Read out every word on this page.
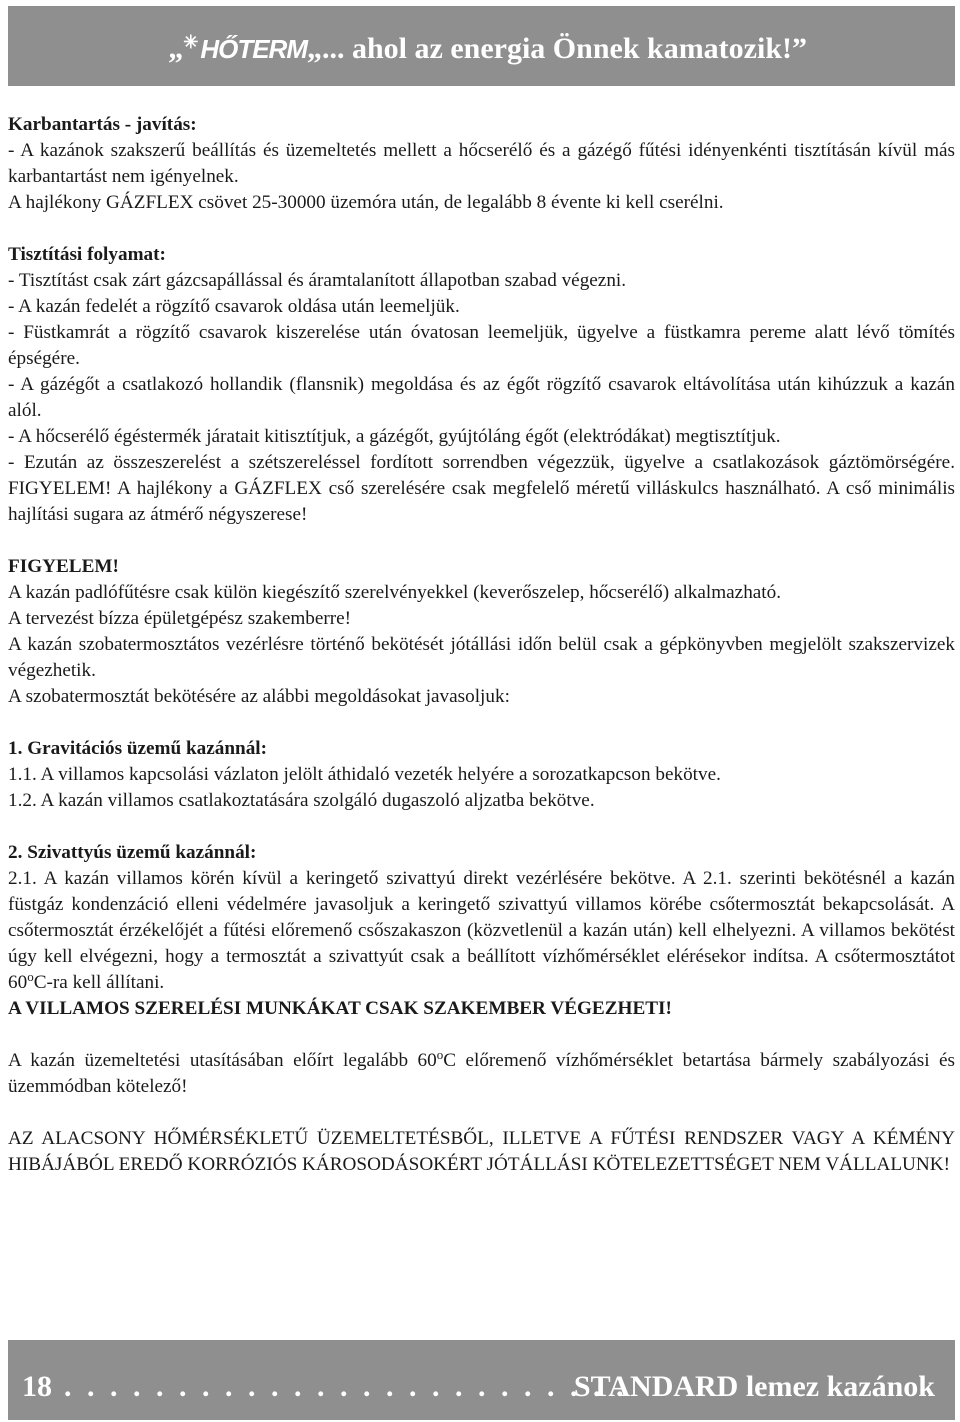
„✳HŐTERM„... ahol az energia Önnek kamatozik!”

Karbantartás - javítás:

- A kazánok szakszerű beállítás és üzemeltetés mellett a hőcserélő és a gázégő fűtési idényenkénti tisztításán kívül más karbantartást nem igényelnek.

A hajlékony GÁZFLEX csövet 25-30000 üzemóra után, de legalább 8 évente ki kell cserélni.

Tisztítási folyamat:

- Tisztítást csak zárt gázcsapállással és áramtalanított állapotban szabad végezni.

- A kazán fedelét a rögzítő csavarok oldása után leemeljük.

- Füstkamrát a rögzítő csavarok kiszerelése után óvatosan leemeljük, ügyelve a füstkamra pereme alatt lévő tömítés épségére.

- A gázégőt a csatlakozó hollandik (flansnik) megoldása és az égőt rögzítő csavarok eltávolítása után kihúzzuk a kazán alól.

- A hőcserélő égéstermék járatait kitisztítjuk, a gázégőt, gyújtóláng égőt (elektródákat) megtisztítjuk.

- Ezután az összeszerelést a szétszereléssel fordított sorrendben végezzük, ügyelve a csatlakozások gáztömörségére. FIGYELEM! A hajlékony a GÁZFLEX cső szerelésére csak megfelelő méretű villáskulcs használható. A cső minimális hajlítási sugara az átmérő négyszerese!

FIGYELEM!

A kazán padlófűtésre csak külön kiegészítő szerelvényekkel (keverőszelep, hőcserélő) alkalmazható.

A tervezést bízza épületgépész szakemberre!

A kazán szobatermosztátos vezérlésre történő bekötését jótállási időn belül csak a gépkönyvben megjelölt szakszervizek végezhetik.

A szobatermosztát bekötésére az alábbi megoldásokat javasoljuk:

1. Gravitációs üzemű kazánnál:

1.1. A villamos kapcsolási vázlaton jelölt áthidaló vezeték helyére a sorozatkapcson bekötve.

1.2. A kazán villamos csatlakoztatására szolgáló dugaszoló aljzatba bekötve.

2. Szivattyús üzemű kazánnál:

2.1. A kazán villamos körén kívül a keringető szivattyú direkt vezérlésére bekötve. A 2.1. szerinti bekötésnél a kazán füstgáz kondenzáció elleni védelmére javasoljuk a keringető szivattyú villamos körébe csőtermosztát bekapcsolását. A csőtermosztát érzékelőjét a fűtési előremenő csőszakaszon (közvetlenül a kazán után) kell elhelyezni. A villamos bekötést úgy kell elvégezni, hogy a termosztát a szivattyút csak a beállított vízhőmérséklet elérésekor indítsa. A csőtermosztátot 60$^o$C-ra kell állítani.

A VILLAMOS SZERELÉSI MUNKÁKAT CSAK SZAKEMBER VÉGEZHETI!

A kazán üzemeltetési utasításában előírt legalább 60$^o$C előremenő vízhőmérséklet betartása bármely szabályozási és üzemmódban kötelező!

AZ ALACSONY HŐMÉRSÉKLETŰ ÜZEMELTETÉSBŐL, ILLETVE A FŰTÉSI RENDSZER VAGY A KÉMÉNY HIBÁJÁBÓL EREDŐ KORRÓZIÓS KÁROSODÁSOKÉRT JÓTÁLLÁSI KÖTELEZETTSÉGET NEM VÁLLALUNK!

18 . . . . . . . . . . . . . . . . . . . . . . . . .
STANDARD lemez kazánok
